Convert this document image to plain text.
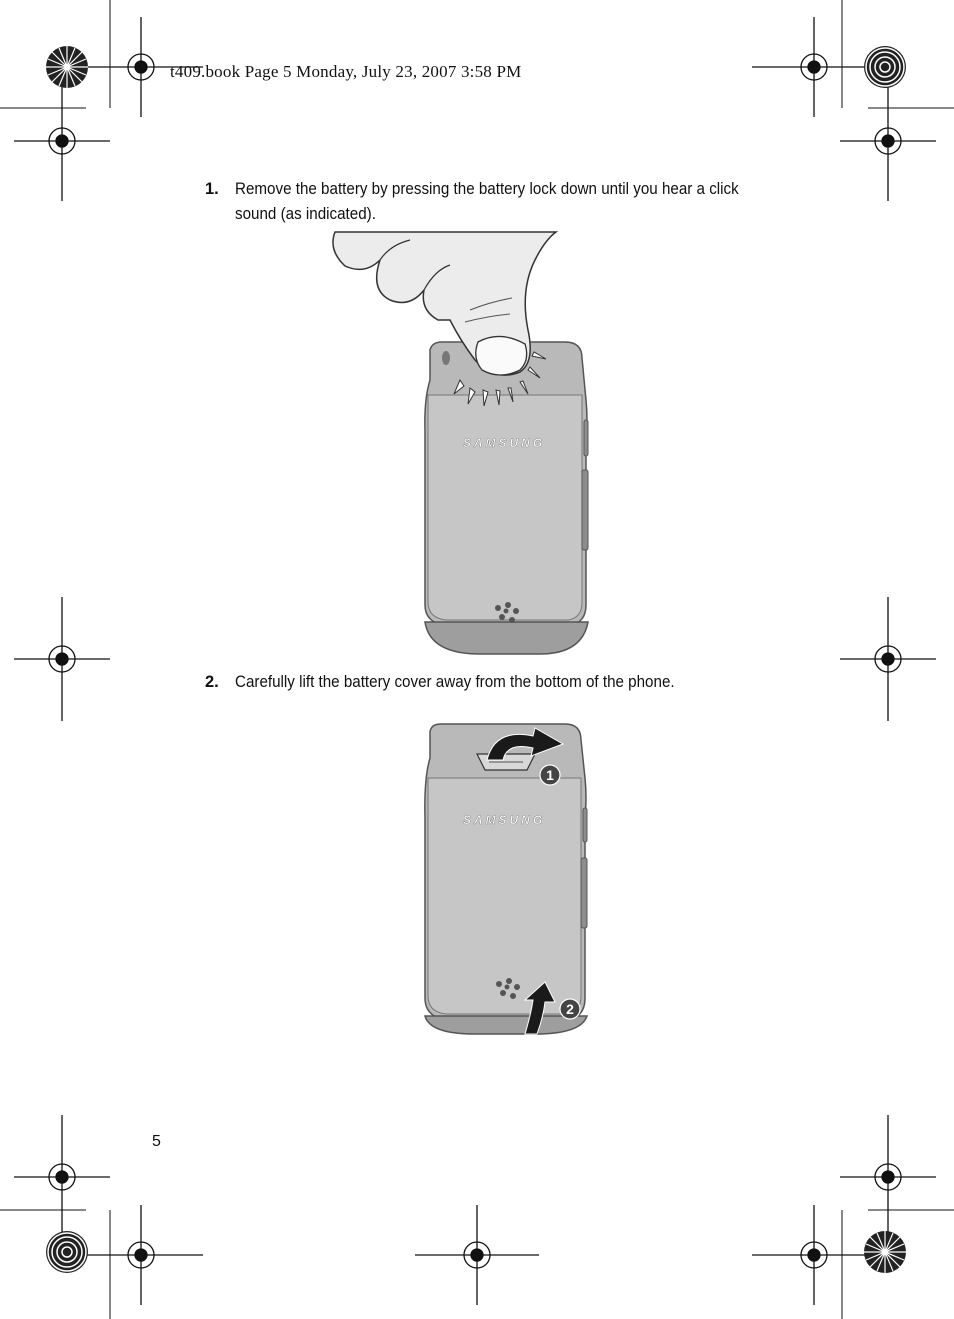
t409.book Page 5 Monday, July 23, 2007 3:58 PM
1. Remove the battery by pressing the battery lock down until you hear a click sound (as indicated).
SAMSUNG
2. Carefully lift the battery cover away from the bottom of the phone.
SAMSUNG
1
2
5
